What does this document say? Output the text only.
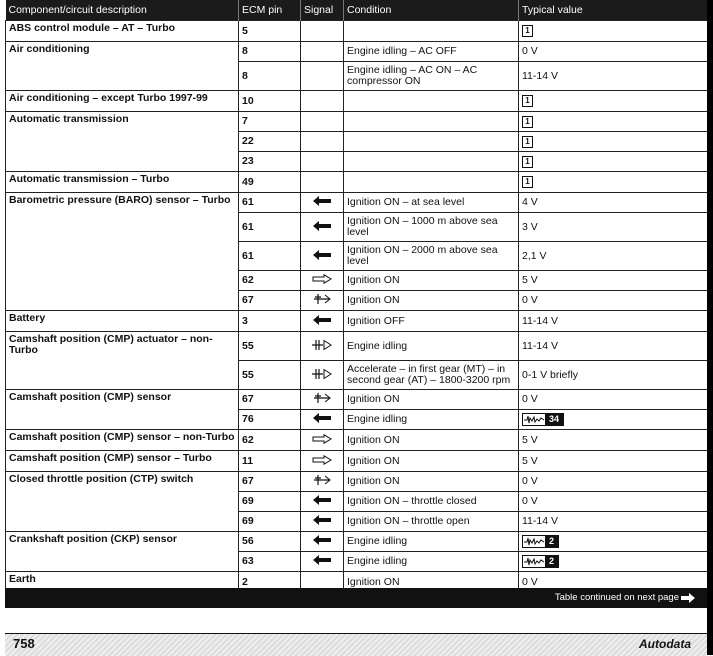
Component/circuit description	ECM pin	Signal	Condition	Typical value
ABS control module – AT – Turbo	5			1
Air conditioning	8		Engine idling – AC OFF	0 V
	8		Engine idling – AC ON – AC compressor ON	11-14 V
Air conditioning – except Turbo 1997-99	10			1
Automatic transmission	7			1
	22			1
	23			1
Automatic transmission – Turbo	49			1
Barometric pressure (BARO) sensor – Turbo	61		Ignition ON – at sea level	4 V
	61		Ignition ON – 1000 m above sea level	3 V
	61		Ignition ON – 2000 m above sea level	2,1 V
	62		Ignition ON	5 V
	67		Ignition ON	0 V
Battery	3		Ignition OFF	11-14 V
Camshaft position (CMP) actuator – non-Turbo	55		Engine idling	11-14 V
	55		Accelerate – in first gear (MT) – in second gear (AT) – 1800-3200 rpm	0-1 V briefly
Camshaft position (CMP) sensor	67		Ignition ON	0 V
	76		Engine idling	34

Camshaft position (CMP) sensor – non-Turbo	62		Ignition ON	5 V
Camshaft position (CMP) sensor – Turbo	11		Ignition ON	5 V
Closed throttle position (CTP) switch	67		Ignition ON	0 V
	69		Ignition ON – throttle closed	0 V
	69		Ignition ON – throttle open	11-14 V
Crankshaft position (CKP) sensor	56		Engine idling	2

	63		Engine idling	2

Earth	2		Ignition ON	0 V
Table continued on next page
758	Autodata
